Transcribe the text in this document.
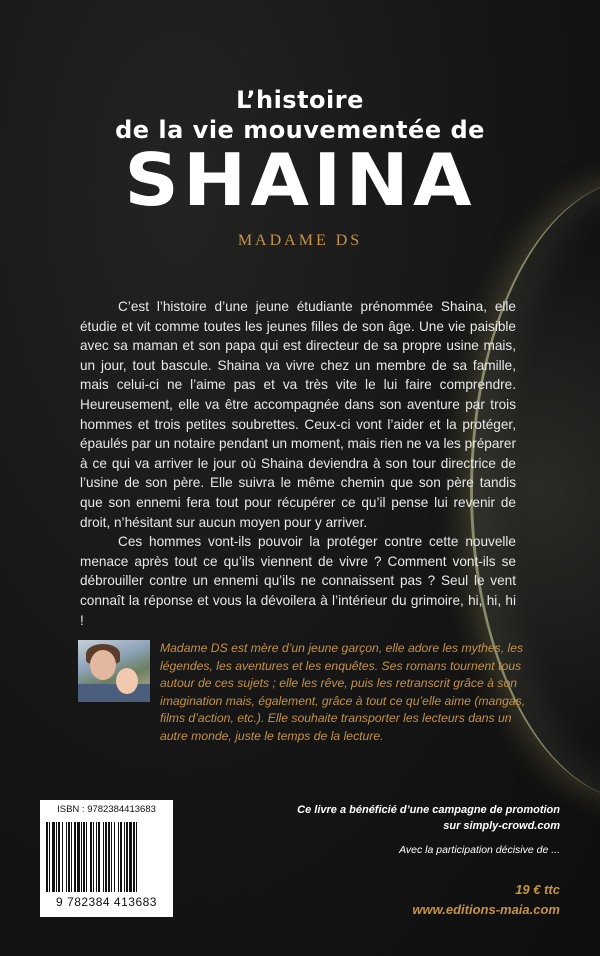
L’histoire
de la vie mouvementée de
SHAINA
MADAME DS

C’est l’histoire d’une jeune étudiante prénommée Shaina, elle étudie et vit comme toutes les jeunes filles de son âge. Une vie paisible avec sa maman et son papa qui est directeur de sa propre usine mais, un jour, tout bascule. Shaina va vivre chez un membre de sa famille, mais celui-ci ne l’aime pas et va très vite le lui faire comprendre. Heureusement, elle va être accompagnée dans son aventure par trois hommes et trois petites soubrettes. Ceux-ci vont l’aider et la protéger, épaulés par un notaire pendant un moment, mais rien ne va les préparer à ce qui va arriver le jour où Shaina deviendra à son tour directrice de l’usine de son père. Elle suivra le même chemin que son père tandis que son ennemi fera tout pour récupérer ce qu’il pense lui revenir de droit, n’hésitant sur aucun moyen pour y arriver.

Ces hommes vont-ils pouvoir la protéger contre cette nouvelle menace après tout ce qu’ils viennent de vivre ? Comment vont-ils se débrouiller contre un ennemi qu’ils ne connaissent pas ? Seul le vent connaît la réponse et vous la dévoilera à l’intérieur du grimoire, hi, hi, hi !

Madame DS est mère d’un jeune garçon, elle adore les mythes, les légendes, les aventures et les enquêtes. Ses romans tournent tous autour de ces sujets ; elle les rêve, puis les retranscrit grâce à son imagination mais, également, grâce à tout ce qu’elle aime (mangas, films d’action, etc.). Elle souhaite transporter les lecteurs dans un autre monde, juste le temps de la lecture.
ISBN : 9782384413683
9 782384 413683
Ce livre a bénéficié d’une campagne de promotion
sur simply-crowd.com
Avec la participation décisive de ...
19 € ttc
www.editions-maia.com
